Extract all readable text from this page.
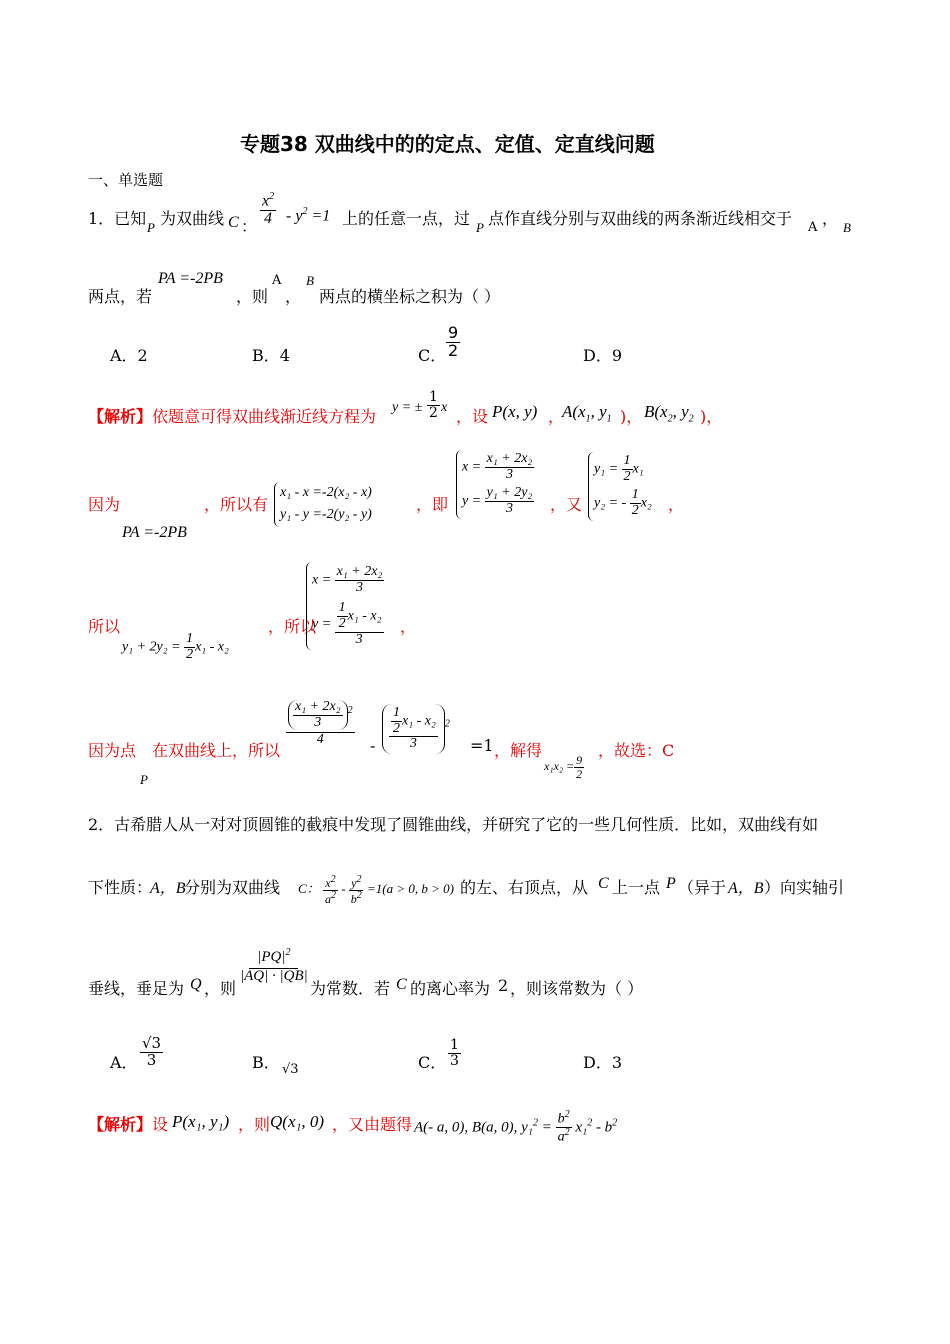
专题38 双曲线中的的定点、定值、定直线问题
一、单选题
1．已知 P 为双曲线 C ： $\frac{x^2}{4} - y^2 =1$ 上的任意一点，过 P 点作直线分别与双曲线的两条渐近线相交于 A ， B
两点，若
PA =-2PB
，则
A
，
B
两点的横坐标之积为（ ）
A．2	B．4	C． $\frac{9}{2}$	D．9
【解析】 依题意可得双曲线渐近线方程为 y = ± $\frac{1}{2}$ x ，设 P(x, y) ，
$A(x_1$, $y_1$ )， $B(x_2$, $y_2$ )，
因为
PA =-2PB
，所以有
x₁ - x =-2(x₂ - x)
y₁ - y =-2(y₂ - y)
，即
$x = \frac{\text{x₁ + 2x₂}}{3}$
$y = \frac{\text{y₁ + 2y₂}}{3}$ ，又
$y_1 = \frac{1}{2} x_1$
y₂ = - $\frac{1}{2} x_2$ ，
所以
$y_1 + 2y_2 = \frac{1}{2} x_1 - x_2$
，所以
$x = \frac{\text{x₁ + 2x₂}}{3}$
$y = \frac{\frac{1}{2} x_1 - x_2}{3}$ ，
因为点
P
在双曲线上，所以
$\frac{\frac{\text{x₁ + 2x₂}}{3} ^2}{4} - \frac{\frac{1}{2} x_1 - x_2}{3} ^2$
=1 ，解得
$x_1x_2 = \frac{9}{2}$
，故选：C
2．古希腊人从一对对顶圆锥的截痕中发现了圆锥曲线，并研究了它的一些几何性质．比如，双曲线有如
下性质：
A，B
分别为双曲线 C： $\frac{x^2}{a^2} - \frac{y^2}{b^2} =1(a > 0$, b > 0) 的左、右顶点，从 C 上一点 P （异于 A，B ）向实轴引
垂线，垂足为 Q ，则
$\frac{|PQ|^2}{|AQ| \cdot |QB|}$
为常数．若 C 的离心率为 2 ，则该常数为（ ）
A． $\frac{√3}{3}$	B． √3	C． $\frac{1}{3}$	D．3
【解析】 设 P(x₁, y₁) ，则 Q(x₁, 0) ，又由题得 A(- a, 0), B(a, 0), $y_1^2 = \frac{b^2}{a^2} x_1^2 - b^2$
